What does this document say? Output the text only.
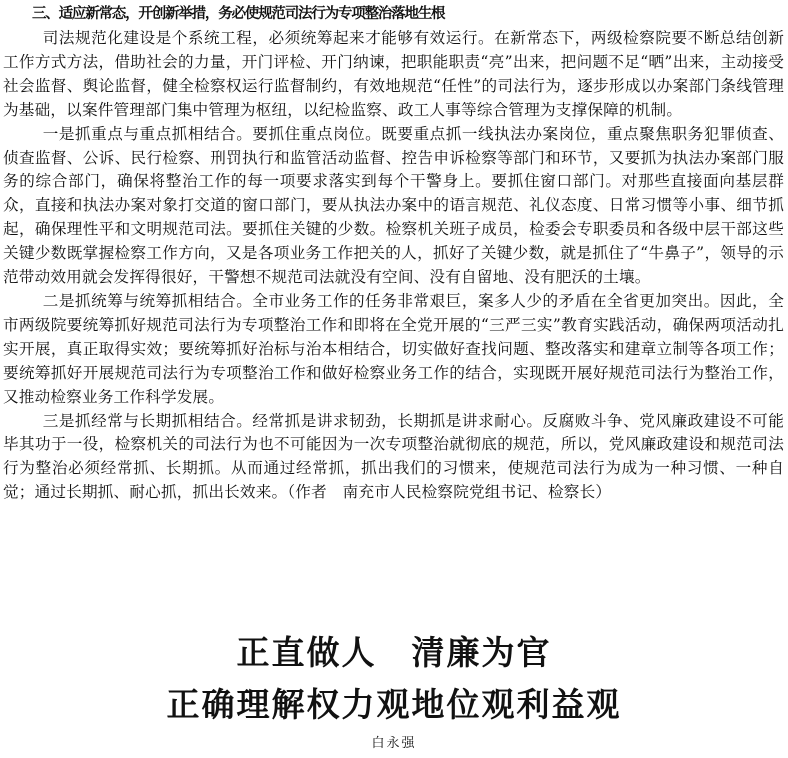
三、适应新常态，开创新举措，务必使规范司法行为专项整治落地生根

司法规范化建设是个系统工程，必须统筹起来才能够有效运行。在新常态下，两级检察院要不断总结创新工作方式方法，借助社会的力量，开门评检、开门纳谏，把职能职责“亮”出来，把问题不足“晒”出来，主动接受社会监督、舆论监督，健全检察权运行监督制约，有效地规范“任性”的司法行为，逐步形成以办案部门条线管理为基础，以案件管理部门集中管理为枢纽，以纪检监察、政工人事等综合管理为支撑保障的机制。

一是抓重点与重点抓相结合。要抓住重点岗位。既要重点抓一线执法办案岗位，重点聚焦职务犯罪侦查、侦查监督、公诉、民行检察、刑罚执行和监管活动监督、控告申诉检察等部门和环节，又要抓为执法办案部门服务的综合部门，确保将整治工作的每一项要求落实到每个干警身上。要抓住窗口部门。对那些直接面向基层群众，直接和执法办案对象打交道的窗口部门，要从执法办案中的语言规范、礼仪态度、日常习惯等小事、细节抓起，确保理性平和文明规范司法。要抓住关键的少数。检察机关班子成员，检委会专职委员和各级中层干部这些关键少数既掌握检察工作方向，又是各项业务工作把关的人，抓好了关键少数，就是抓住了“牛鼻子”，领导的示范带动效用就会发挥得很好，干警想不规范司法就没有空间、没有自留地、没有肥沃的土壤。

二是抓统筹与统筹抓相结合。全市业务工作的任务非常艰巨，案多人少的矛盾在全省更加突出。因此，全市两级院要统筹抓好规范司法行为专项整治工作和即将在全党开展的“三严三实”教育实践活动，确保两项活动扎实开展，真正取得实效；要统筹抓好治标与治本相结合，切实做好查找问题、整改落实和建章立制等各项工作；要统筹抓好开展规范司法行为专项整治工作和做好检察业务工作的结合，实现既开展好规范司法行为整治工作，又推动检察业务工作科学发展。

三是抓经常与长期抓相结合。经常抓是讲求韧劲，长期抓是讲求耐心。反腐败斗争、党风廉政建设不可能毕其功于一役，检察机关的司法行为也不可能因为一次专项整治就彻底的规范，所以，党风廉政建设和规范司法行为整治必须经常抓、长期抓。从而通过经常抓，抓出我们的习惯来，使规范司法行为成为一种习惯、一种自觉；通过长期抓、耐心抓，抓出长效来。（作者　南充市人民检察院党组书记、检察长）

正直做人　清廉为官
正确理解权力观地位观利益观
白永强
